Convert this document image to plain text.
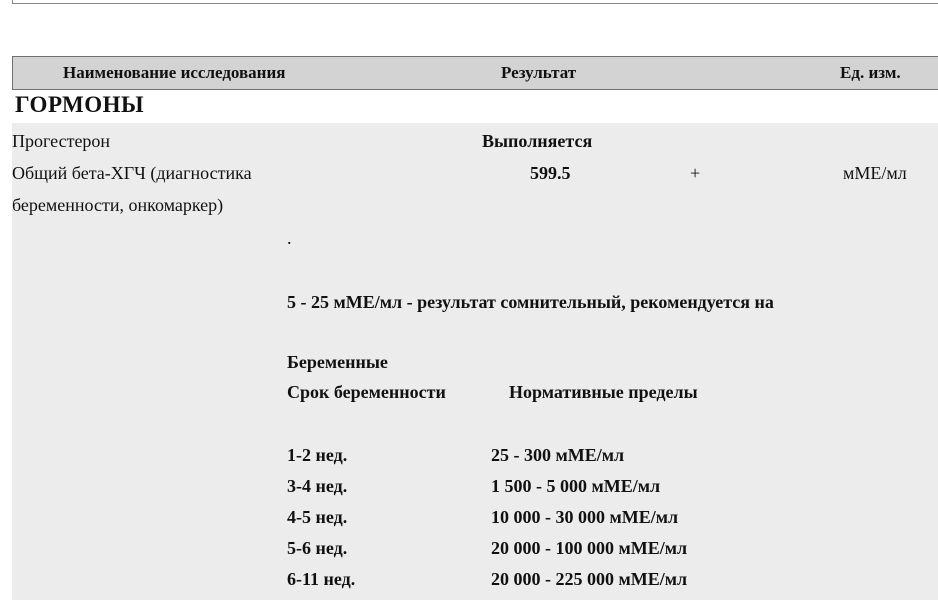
Наименование исследования	Результат	Ед. изм.
ГОРМОНЫ
Прогестерон	Выполняется
Общий бета-ХГЧ (диагностика
беременности, онкомаркер)
599.5	+	мМЕ/мл
.
5 - 25 мМЕ/мл - результат сомнительный, рекомендуется на
Беременные
Срок беременности	Нормативные пределы
1-2 нед.	25 - 300 мМЕ/мл
3-4 нед.	1 500 - 5 000 мМЕ/мл
4-5 нед.	10 000 - 30 000 мМЕ/мл
5-6 нед.	20 000 - 100 000 мМЕ/мл
6-11 нед.	20 000 - 225 000 мМЕ/мл
